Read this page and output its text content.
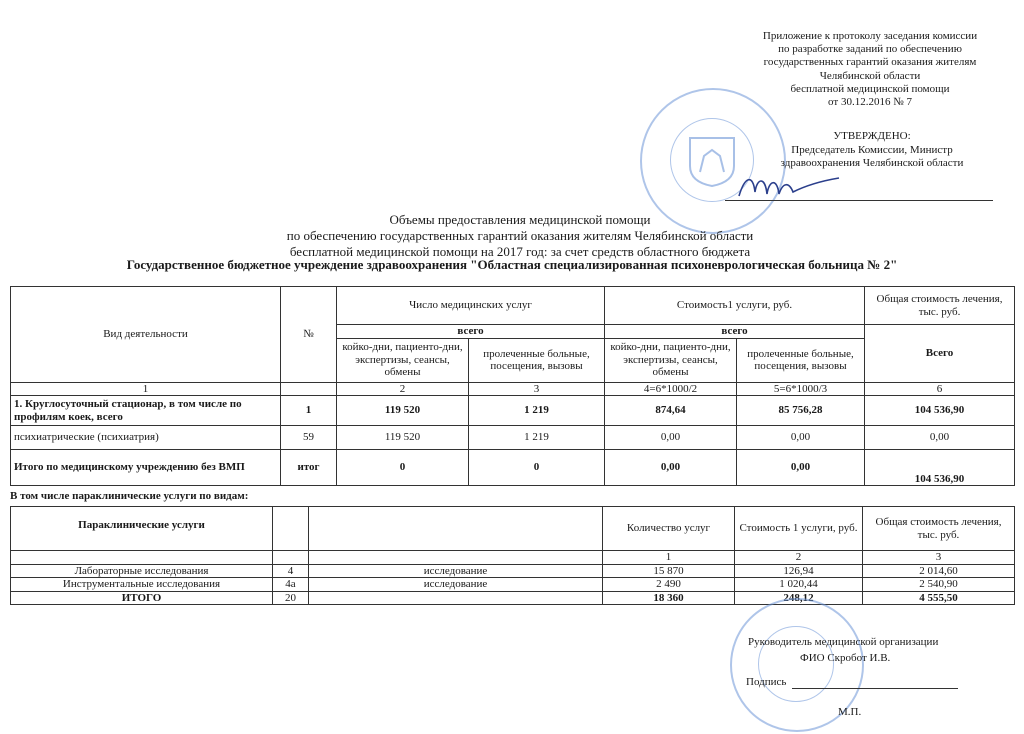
Приложение к протоколу заседания комиссии
по разработке заданий по обеспечению
государственных гарантий оказания жителям
Челябинской области
бесплатной медицинской помощи
от 30.12.2016 № 7
УТВЕРЖДЕНО:
Председатель Комиссии, Министр
здравоохранения Челябинской области
Объемы предоставления медицинской помощи
по обеспечению государственных гарантий оказания жителям Челябинской области
бесплатной медицинской помощи на 2017 год: за счет средств областного бюджета
Государственное бюджетное учреждение здравоохранения "Областная специализированная психоневрологическая больница № 2"
Вид деятельности	№	Число медицинских услуг		Стоимость1 услуги, руб.		Общая стоимость лечения, тыс. руб.
		всего		всего		Всего
		койко-дни, пациенто-дни, экспертизы, сеансы, обмены	пролеченные больные, посещения, вызовы	койко-дни, пациенто-дни, экспертизы, сеансы, обмены	пролеченные больные, посещения, вызовы	
1		2	3	4=6*1000/2	5=6*1000/3	6
1. Круглосуточный стационар, в том числе по профилям коек, всего	1	119 520	1 219	874,64	85 756,28	104 536,90
психиатрические (психиатрия)	59	119 520	1 219	0,00	0,00	0,00
Итого по медицинскому учреждению без ВМП	итог	0	0	0,00	0,00	104 536,90
В том числе параклинические услуги по видам:
Параклинические услуги			Количество услуг	Стоимость 1 услуги, руб.	Общая стоимость лечения, тыс. руб.
			1	2	3
Лабораторные исследования	4	исследование	15 870	126,94	2 014,60
Инструментальные исследования	4а	исследование	2 490	1 020,44	2 540,90
ИТОГО	20		18 360	248,12	4 555,50
Руководитель медицинской организации
ФИО Скробот И.В.
Подпись
М.П.
